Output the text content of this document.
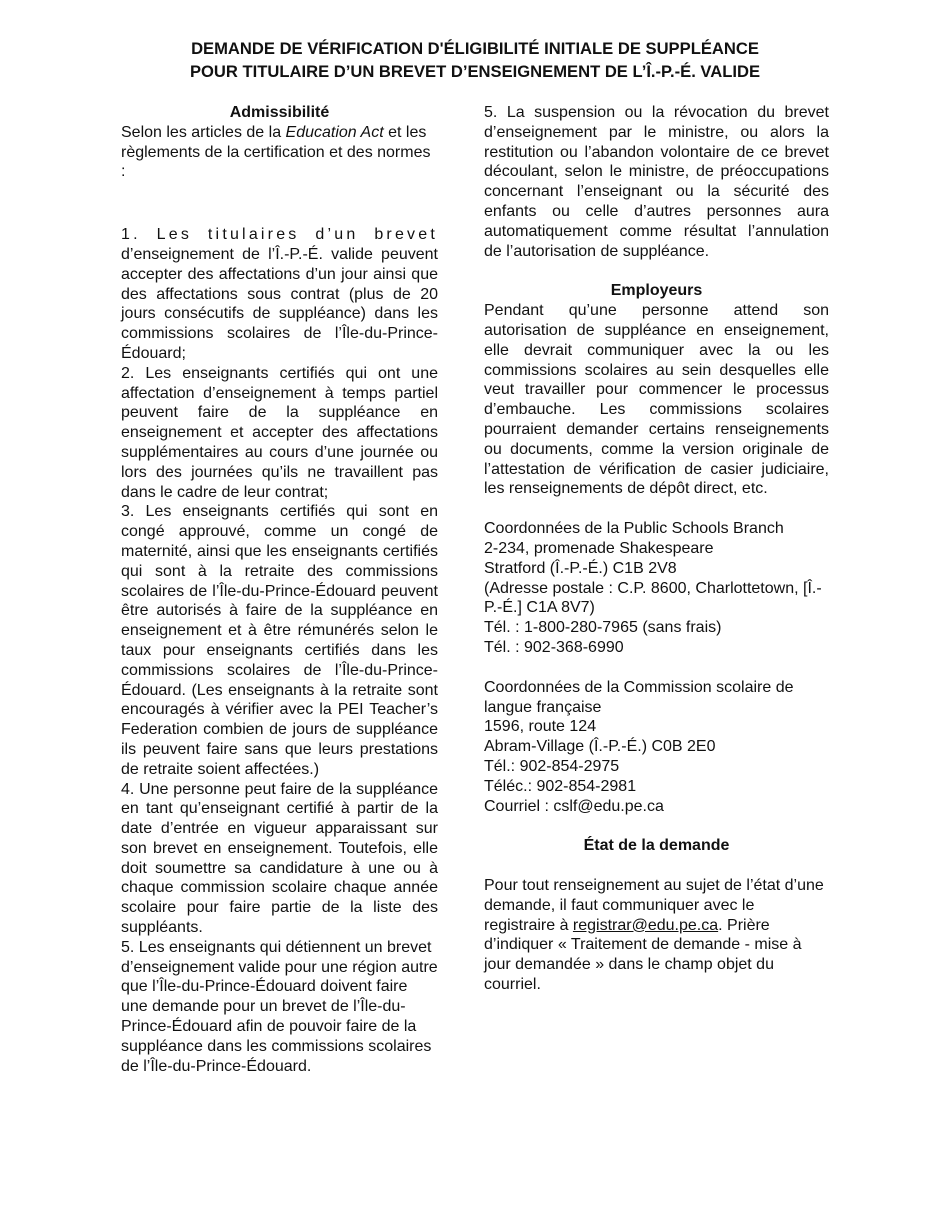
DEMANDE DE VÉRIFICATION D'ÉLIGIBILITÉ INITIALE DE SUPPLÉANCE
POUR TITULAIRE D’UN BREVET D’ENSEIGNEMENT DE L’Î.-P.-É. VALIDE
Admissibilité

Selon les articles de la Education Act et les règlements de la certification et des normes :

1. Les titulaires d’un brevet d’enseignement de l’Î.-P.-É. valide peuvent accepter des affectations d’un jour ainsi que des affectations sous contrat (plus de 20 jours consécutifs de suppléance) dans les commissions scolaires de l’Île-du-Prince-Édouard;

2. Les enseignants certifiés qui ont une affectation d’enseignement à temps partiel peuvent faire de la suppléance en enseignement et accepter des affectations supplémentaires au cours d’une journée ou lors des journées qu’ils ne travaillent pas dans le cadre de leur contrat;

3. Les enseignants certifiés qui sont en congé approuvé, comme un congé de maternité, ainsi que les enseignants certifiés qui sont à la retraite des commissions scolaires de l’Île-du-Prince-Édouard peuvent être autorisés à faire de la suppléance en enseignement et à être rémunérés selon le taux pour enseignants certifiés dans les commissions scolaires de l’Île-du-Prince-Édouard. (Les enseignants à la retraite sont encouragés à vérifier avec la PEI Teacher’s Federation combien de jours de suppléance ils peuvent faire sans que leurs prestations de retraite soient affectées.)

4. Une personne peut faire de la suppléance en tant qu’enseignant certifié à partir de la date d’entrée en vigueur apparaissant sur son brevet en enseignement. Toutefois, elle doit soumettre sa candidature à une ou à chaque commission scolaire chaque année scolaire pour faire partie de la liste des suppléants.

5. Les enseignants qui détiennent un brevet d’enseignement valide pour une région autre que l’Île-du-Prince-Édouard doivent faire une demande pour un brevet de l’Île-du-Prince-Édouard afin de pouvoir faire de la suppléance dans les commissions scolaires de l’Île-du-Prince-Édouard.

5. La suspension ou la révocation du brevet d’enseignement par le ministre, ou alors la restitution ou l’abandon volontaire de ce brevet découlant, selon le ministre, de préoccupations concernant l’enseignant ou la sécurité des enfants ou celle d’autres personnes aura automatiquement comme résultat l’annulation de l’autorisation de suppléance.

Employeurs

Pendant qu’une personne attend son autorisation de suppléance en enseignement, elle devrait communiquer avec la ou les commissions scolaires au sein desquelles elle veut travailler pour commencer le processus d’embauche. Les commissions scolaires pourraient demander certains renseignements ou documents, comme la version originale de l’attestation de vérification de casier judiciaire, les renseignements de dépôt direct, etc.

Coordonnées de la Public Schools Branch
2-234, promenade Shakespeare
Stratford (Î.-P.-É.) C1B 2V8
(Adresse postale : C.P. 8600, Charlottetown, [Î.-P.-É.] C1A 8V7)
Tél. : 1-800-280-7965 (sans frais)
Tél. : 902-368-6990
Coordonnées de la Commission scolaire de langue française
1596, route 124
Abram-Village (Î.-P.-É.) C0B 2E0
Tél.: 902-854-2975
Téléc.: 902-854-2981
Courriel : cslf@edu.pe.ca
État de la demande

Pour tout renseignement au sujet de l’état d’une demande, il faut communiquer avec le registraire à registrar@edu.pe.ca. Prière d’indiquer « Traitement de demande - mise à jour demandée » dans le champ objet du courriel.
